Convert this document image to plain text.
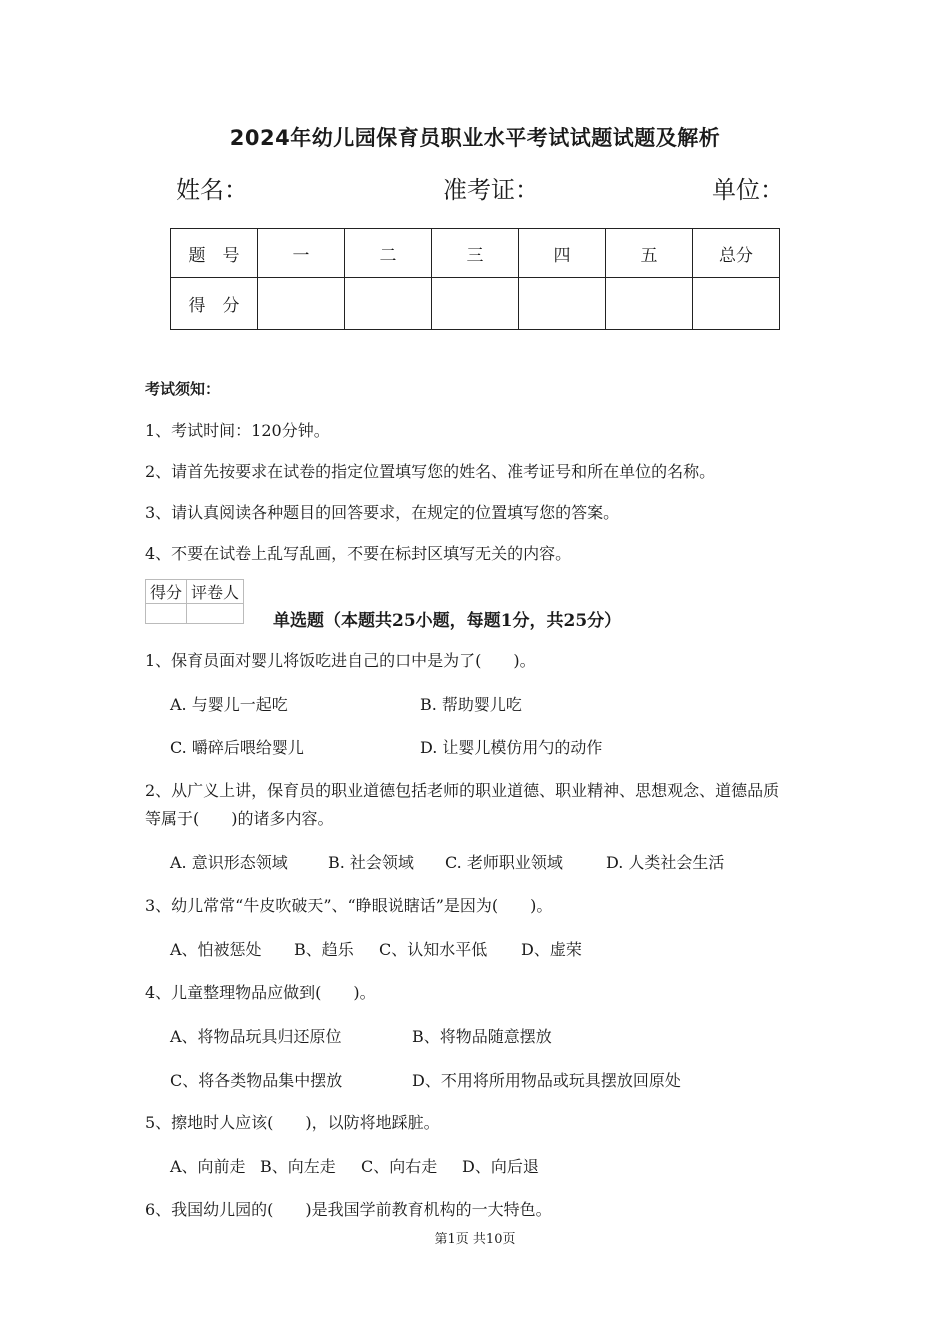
2024年幼儿园保育员职业水平考试试题试题及解析
姓名：	准考证：	单位：
题　号	一	二	三	四	五	总分
得　分						
考试须知：
1、考试时间：120分钟。
2、请首先按要求在试卷的指定位置填写您的姓名、准考证号和所在单位的名称。
3、请认真阅读各种题目的回答要求，在规定的位置填写您的答案。
4、不要在试卷上乱写乱画，不要在标封区填写无关的内容。
得分	评卷人

单选题（本题共25小题，每题1分，共25分）
1、保育员面对婴儿将饭吃进自己的口中是为了(　　)。
A. 与婴儿一起吃	B. 帮助婴儿吃
C. 嚼碎后喂给婴儿	D. 让婴儿模仿用勺的动作
2、从广义上讲，保育员的职业道德包括老师的职业道德、职业精神、思想观念、道德品质
等属于(　　)的诸多内容。
A. 意识形态领域	B. 社会领域 C. 老师职业领域	D. 人类社会生活
3、幼儿常常“牛皮吹破天”、“睁眼说瞎话”是因为(　　)。
A、怕被惩处 B、趋乐 C、认知水平低 D、虚荣
4、儿童整理物品应做到(　　)。
A、将物品玩具归还原位	B、将物品随意摆放
C、将各类物品集中摆放	D、不用将所用物品或玩具摆放回原处
5、擦地时人应该(　　)，以防将地踩脏。
A、向前走 B、向左走 C、向右走 D、向后退
6、我国幼儿园的(　　)是我国学前教育机构的一大特色。
第1页 共10页
